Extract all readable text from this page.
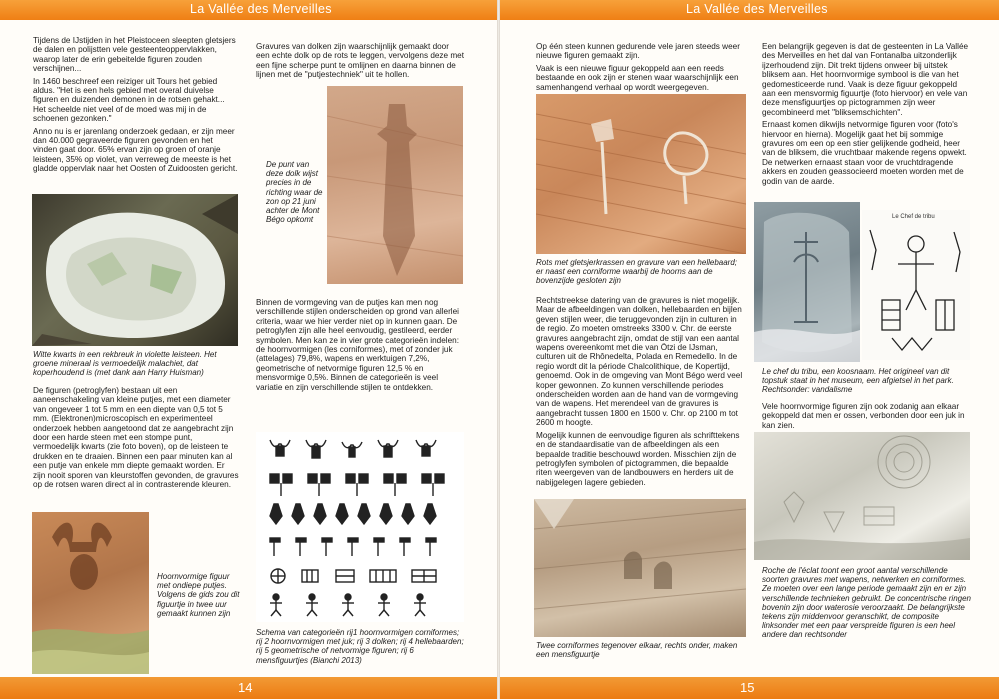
La Vallée des Merveilles

Tijdens de IJstijden in het Pleistoceen sleepten gletsjers de dalen en polijstten vele gesteenteoppervlakken, waarop later de erin gebeitelde figuren zouden verschijnen...

In 1460 beschreef een reiziger uit Tours het gebied aldus. "Het is een hels gebied met overal duivelse figuren en duizenden demonen in de rotsen gehakt... Het scheelde niet veel of de moed was mij in de schoenen gezonken."

Anno nu is er jarenlang onderzoek gedaan, er zijn meer dan 40.000 gegraveerde figuren gevonden en het vinden gaat door. 65% ervan zijn op groen of oranje leisteen, 35% op violet, van verreweg de meeste is het gladde oppervlak naar het Oosten of Zuidoosten gericht.

Witte kwarts in een rekbreuk in violette leisteen. Het groene mineraal is vermoedelijk malachiet, dat koperhoudend is (met dank aan Harry Huisman)

De figuren (petroglyfen) bestaan uit een aaneenschakeling van kleine putjes, met een diameter van ongeveer 1 tot 5 mm en een diepte van 0,5 tot 5 mm. (Elektronen)microscopisch en experimenteel onderzoek hebben aangetoond dat ze aangebracht zijn door een harde steen met een stompe punt, vermoedelijk kwarts (zie foto boven), op de leisteen te drukken en te draaien. Binnen een paar minuten kan al een putje van enkele mm diepte gemaakt worden. Er zijn nooit sporen van kleurstoffen gevonden, de gravures op de rotsen waren direct al in contrasterende kleuren.

Hoornvormige figuur met ondiepe putjes. Volgens de gids zou dit figuurtje in twee uur gemaakt kunnen zijn

Gravures van dolken zijn waarschijnlijk gemaakt door een echte dolk op de rots te leggen, vervolgens deze met een fijne scherpe punt te omlijnen en daarna binnen de lijnen met de "putjestechniek" uit te hollen.

De punt van deze dolk wijst precies in de richting waar de zon op 21 juni achter de Mont Bégo opkomt

Binnen de vormgeving van de putjes kan men nog verschillende stijlen onderscheiden op grond van allerlei criteria, waar we hier verder niet op in kunnen gaan. De petroglyfen zijn alle heel eenvoudig, gestileerd, eerder symbolen. Men kan ze in vier grote categorieën indelen: de hoornvormigen (les corniformes), met of zonder juk (attelages) 79,8%, wapens en werktuigen 7,2%, geometrische of netvormige figuren 12,5 % en mensvormige 0,5%. Binnen de categorieën is veel variatie en zijn verschillende stijlen te ontdekken.

Schema van categorieën rij1 hoornvormigen corniformes; rij 2 hoornvormigen met juk; rij 3 dolken; rij 4 hellebaarden; rij 5 geometrische of netvormige figuren; rij 6 mensfiguurtjes (Bianchi 2013)
14
La Vallée des Merveilles

Op één steen kunnen gedurende vele jaren steeds weer nieuwe figuren gemaakt zijn.

Vaak is een nieuwe figuur gekoppeld aan een reeds bestaande en ook zijn er stenen waar waarschijnlijk een samenhangend verhaal op wordt weergegeven.

Rots met gletsjerkrassen en gravure van een hellebaard; er naast een corniforme waarbij de hoorns aan de bovenzijde gesloten zijn

Rechtstreekse datering van de gravures is niet mogelijk. Maar de afbeeldingen van dolken, hellebaarden en bijlen geven stijlen weer, die teruggevonden zijn in culturen in de regio. Zo moeten omstreeks 3300 v. Chr. de eerste gravures aangebracht zijn, omdat de stijl van een aantal wapens overeenkomt met die van Ötzi de IJsman, culturen uit de Rhônedelta, Polada en Remedello. In de regio wordt dit la période Chalcolithique, de Kopertijd, genoemd. Ook in de omgeving van Mont Bégo werd veel koper gewonnen. Zo kunnen verschillende periodes onderscheiden worden aan de hand van de vormgeving van de wapens. Het merendeel van de gravures is aangebracht tussen 1800 en 1500 v. Chr. op 2100 m tot 2600 m hoogte.

Mogelijk kunnen de eenvoudige figuren als schrifttekens en de standaardisatie van de afbeeldingen als een bepaalde traditie beschouwd worden. Misschien zijn de petroglyfen symbolen of pictogrammen, die bepaalde riten weergeven van de landbouwers en herders uit de nabijgelegen lagere gebieden.

Twee corniformes tegenover elkaar, rechts onder, maken een mensfiguurtje

Een belangrijk gegeven is dat de gesteenten in La Vallée des Merveilles en het dal van Fontanalba uitzonderlijk ijzerhoudend zijn. Dit trekt tijdens onweer bij uitstek bliksem aan. Het hoornvormige symbool is die van het gedomesticeerde rund. Vaak is deze figuur gekoppeld aan een mensvormig figuurtje (foto hiervoor) en vele van deze mensfiguurtjes op pictogrammen zijn weer gecombineerd met "bliksemschichten".

Ernaast komen dikwijls netvormige figuren voor (foto's hiervoor en hierna). Mogelijk gaat het bij sommige gravures om een op een stier gelijkende godheid, heer van de bliksem, die vruchtbaar makende regens opwekt. De netwerken ernaast staan voor de vruchtdragende akkers en zouden geassocieerd moeten worden met de godin van de aarde.

Le Chef de tribu
Le chef du tribu, een koosnaam. Het origineel van dit topstuk staat in het museum, een afgietsel in het park. Rechtsonder: vandalisme

Vele hoornvormige figuren zijn ook zodanig aan elkaar gekoppeld dat men er ossen, verbonden door een juk in kan zien.

Roche de l'éclat toont een groot aantal verschillende soorten gravures met wapens, netwerken en corniformes. Ze moeten over een lange periode gemaakt zijn en er zijn verschillende technieken gebruikt. De concentrische ringen bovenin zijn door waterosie veroorzaakt. De belangrijkste tekens zijn middenvoor geranschikt, de composite linksonder met een paar verspreide figuren is een heel andere dan rechtsonder
15
